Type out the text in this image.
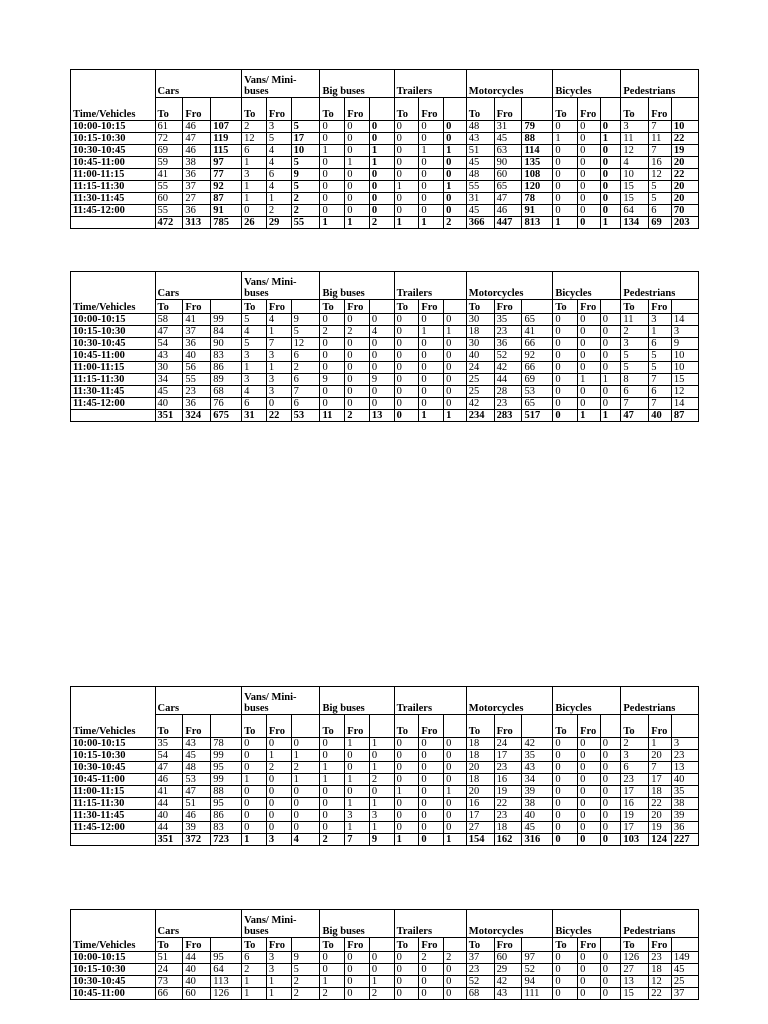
Time/Vehicles	Cars			Vans/ Mini-buses			Big buses			Trailers			Motorcycles			Bicycles			Pedestrians		
	To	Fro		To	Fro		To	Fro		To	Fro		To	Fro		To	Fro		To	Fro	
10:00-10:15	61	46	107	2	3	5	0	0	0	0	0	0	48	31	79	0	0	0	3	7	10
10:15-10:30	72	47	119	12	5	17	0	0	0	0	0	0	43	45	88	1	0	1	11	11	22
10:30-10:45	69	46	115	6	4	10	1	0	1	0	1	1	51	63	114	0	0	0	12	7	19
10:45-11:00	59	38	97	1	4	5	0	1	1	0	0	0	45	90	135	0	0	0	4	16	20
11:00-11:15	41	36	77	3	6	9	0	0	0	0	0	0	48	60	108	0	0	0	10	12	22
11:15-11:30	55	37	92	1	4	5	0	0	0	1	0	1	55	65	120	0	0	0	15	5	20
11:30-11:45	60	27	87	1	1	2	0	0	0	0	0	0	31	47	78	0	0	0	15	5	20
11:45-12:00	55	36	91	0	2	2	0	0	0	0	0	0	45	46	91	0	0	0	64	6	70
	472	313	785	26	29	55	1	1	2	1	1	2	366	447	813	1	0	1	134	69	203
Time/Vehicles	Cars			Vans/ Mini-buses			Big buses			Trailers			Motorcycles			Bicycles			Pedestrians		
	To	Fro		To	Fro		To	Fro		To	Fro		To	Fro		To	Fro		To	Fro	
10:00-10:15	58	41	99	5	4	9	0	0	0	0	0	0	30	35	65	0	0	0	11	3	14
10:15-10:30	47	37	84	4	1	5	2	2	4	0	1	1	18	23	41	0	0	0	2	1	3
10:30-10:45	54	36	90	5	7	12	0	0	0	0	0	0	30	36	66	0	0	0	3	6	9
10:45-11:00	43	40	83	3	3	6	0	0	0	0	0	0	40	52	92	0	0	0	5	5	10
11:00-11:15	30	56	86	1	1	2	0	0	0	0	0	0	24	42	66	0	0	0	5	5	10
11:15-11:30	34	55	89	3	3	6	9	0	9	0	0	0	25	44	69	0	1	1	8	7	15
11:30-11:45	45	23	68	4	3	7	0	0	0	0	0	0	25	28	53	0	0	0	6	6	12
11:45-12:00	40	36	76	6	0	6	0	0	0	0	0	0	42	23	65	0	0	0	7	7	14
	351	324	675	31	22	53	11	2	13	0	1	1	234	283	517	0	1	1	47	40	87
Time/Vehicles	Cars			Vans/ Mini-buses			Big buses			Trailers			Motorcycles			Bicycles			Pedestrians		
	To	Fro		To	Fro		To	Fro		To	Fro		To	Fro		To	Fro		To	Fro	
10:00-10:15	35	43	78	0	0	0	0	1	1	0	0	0	18	24	42	0	0	0	2	1	3
10:15-10:30	54	45	99	0	1	1	0	0	0	0	0	0	18	17	35	0	0	0	3	20	23
10:30-10:45	47	48	95	0	2	2	1	0	1	0	0	0	20	23	43	0	0	0	6	7	13
10:45-11:00	46	53	99	1	0	1	1	1	2	0	0	0	18	16	34	0	0	0	23	17	40
11:00-11:15	41	47	88	0	0	0	0	0	0	1	0	1	20	19	39	0	0	0	17	18	35
11:15-11:30	44	51	95	0	0	0	0	1	1	0	0	0	16	22	38	0	0	0	16	22	38
11:30-11:45	40	46	86	0	0	0	0	3	3	0	0	0	17	23	40	0	0	0	19	20	39
11:45-12:00	44	39	83	0	0	0	0	1	1	0	0	0	27	18	45	0	0	0	17	19	36
	351	372	723	1	3	4	2	7	9	1	0	1	154	162	316	0	0	0	103	124	227
Time/Vehicles	Cars			Vans/ Mini-buses			Big buses			Trailers			Motorcycles			Bicycles			Pedestrians		
	To	Fro		To	Fro		To	Fro		To	Fro		To	Fro		To	Fro		To	Fro	
10:00-10:15	51	44	95	6	3	9	0	0	0	0	2	2	37	60	97	0	0	0	126	23	149
10:15-10:30	24	40	64	2	3	5	0	0	0	0	0	0	23	29	52	0	0	0	27	18	45
10:30-10:45	73	40	113	1	1	2	1	0	1	0	0	0	52	42	94	0	0	0	13	12	25
10:45-11:00	66	60	126	1	1	2	2	0	2	0	0	0	68	43	111	0	0	0	15	22	37
